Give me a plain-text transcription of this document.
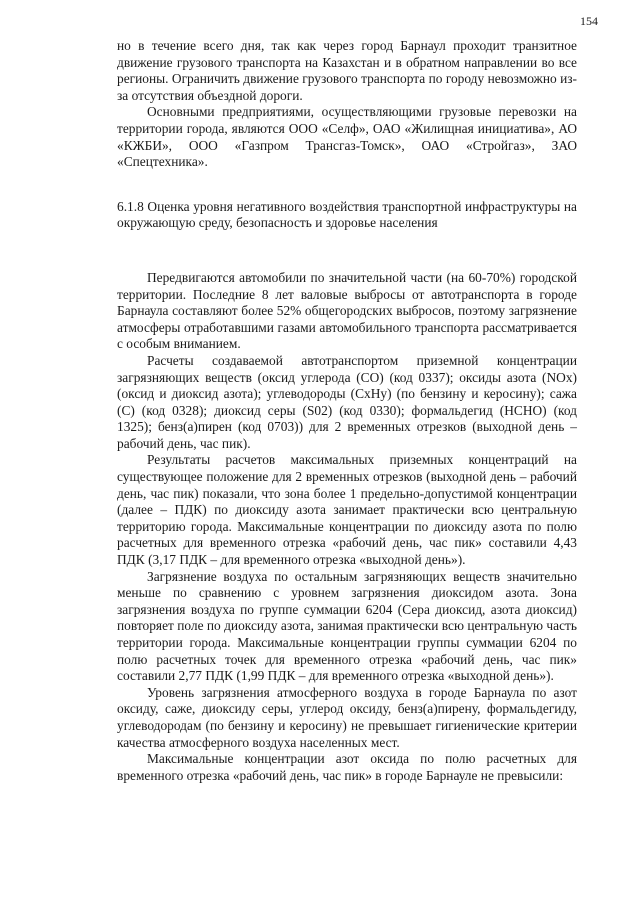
154

но в течение всего дня, так как через город Барнаул проходит транзитное движение грузового транспорта на Казахстан и в обратном направлении во все регионы. Ограничить движение грузового транспорта по городу невозможно из-за отсутствия объездной дороги.

Основными предприятиями, осуществляющими грузовые перевозки на территории города, являются ООО «Селф», ОАО «Жилищная инициатива», АО «КЖБИ», ООО «Газпром Трансгаз-Томск», ОАО «Стройгаз», ЗАО «Спецтехника».

6.1.8 Оценка уровня негативного воздействия транспортной инфраструктуры на окружающую среду, безопасность и здоровье населения

Передвигаются автомобили по значительной части (на 60-70%) городской территории. Последние 8 лет валовые выбросы от автотранспорта в городе Барнаула составляют более 52% общегородских выбросов, поэтому загрязнение атмосферы отработавшими газами автомобильного транспорта рассматривается с особым вниманием.

Расчеты создаваемой автотранспортом приземной концентрации загрязняющих веществ (оксид углерода (СО) (код 0337); оксиды азота (NOx) (оксид и диоксид азота); углеводороды (СхНу) (по бензину и керосину); сажа (С) (код 0328); диоксид серы (S02) (код 0330); формальдегид (НСНО) (код 1325); бенз(а)пирен (код 0703)) для 2 временных отрезков (выходной день – рабочий день, час пик).

Результаты расчетов максимальных приземных концентраций на существующее положение для 2 временных отрезков (выходной день – рабочий день, час пик) показали, что зона более 1 предельно-допустимой концентрации (далее – ПДК) по диоксиду азота занимает практически всю центральную территорию города. Максимальные концентрации по диоксиду азота по полю расчетных для временного отрезка «рабочий день, час пик» составили 4,43 ПДК (3,17 ПДК – для временного отрезка «выходной день»).

Загрязнение воздуха по остальным загрязняющих веществ значительно меньше по сравнению с уровнем загрязнения диоксидом азота. Зона загрязнения воздуха по группе суммации 6204 (Сера диоксид, азота диоксид) повторяет поле по диоксиду азота, занимая практически всю центральную часть территории города. Максимальные концентрации группы суммации 6204 по полю расчетных точек для временного отрезка «рабочий день, час пик» составили 2,77 ПДК (1,99 ПДК – для временного отрезка «выходной день»).

Уровень загрязнения атмосферного воздуха в городе Барнаула по азот оксиду, саже, диоксиду серы, углерод оксиду, бенз(а)пирену, формальдегиду, углеводородам (по бензину и керосину) не превышает гигиенические критерии качества атмосферного воздуха населенных мест.

Максимальные концентрации азот оксида по полю расчетных для временного отрезка «рабочий день, час пик» в городе Барнауле не превысили:
